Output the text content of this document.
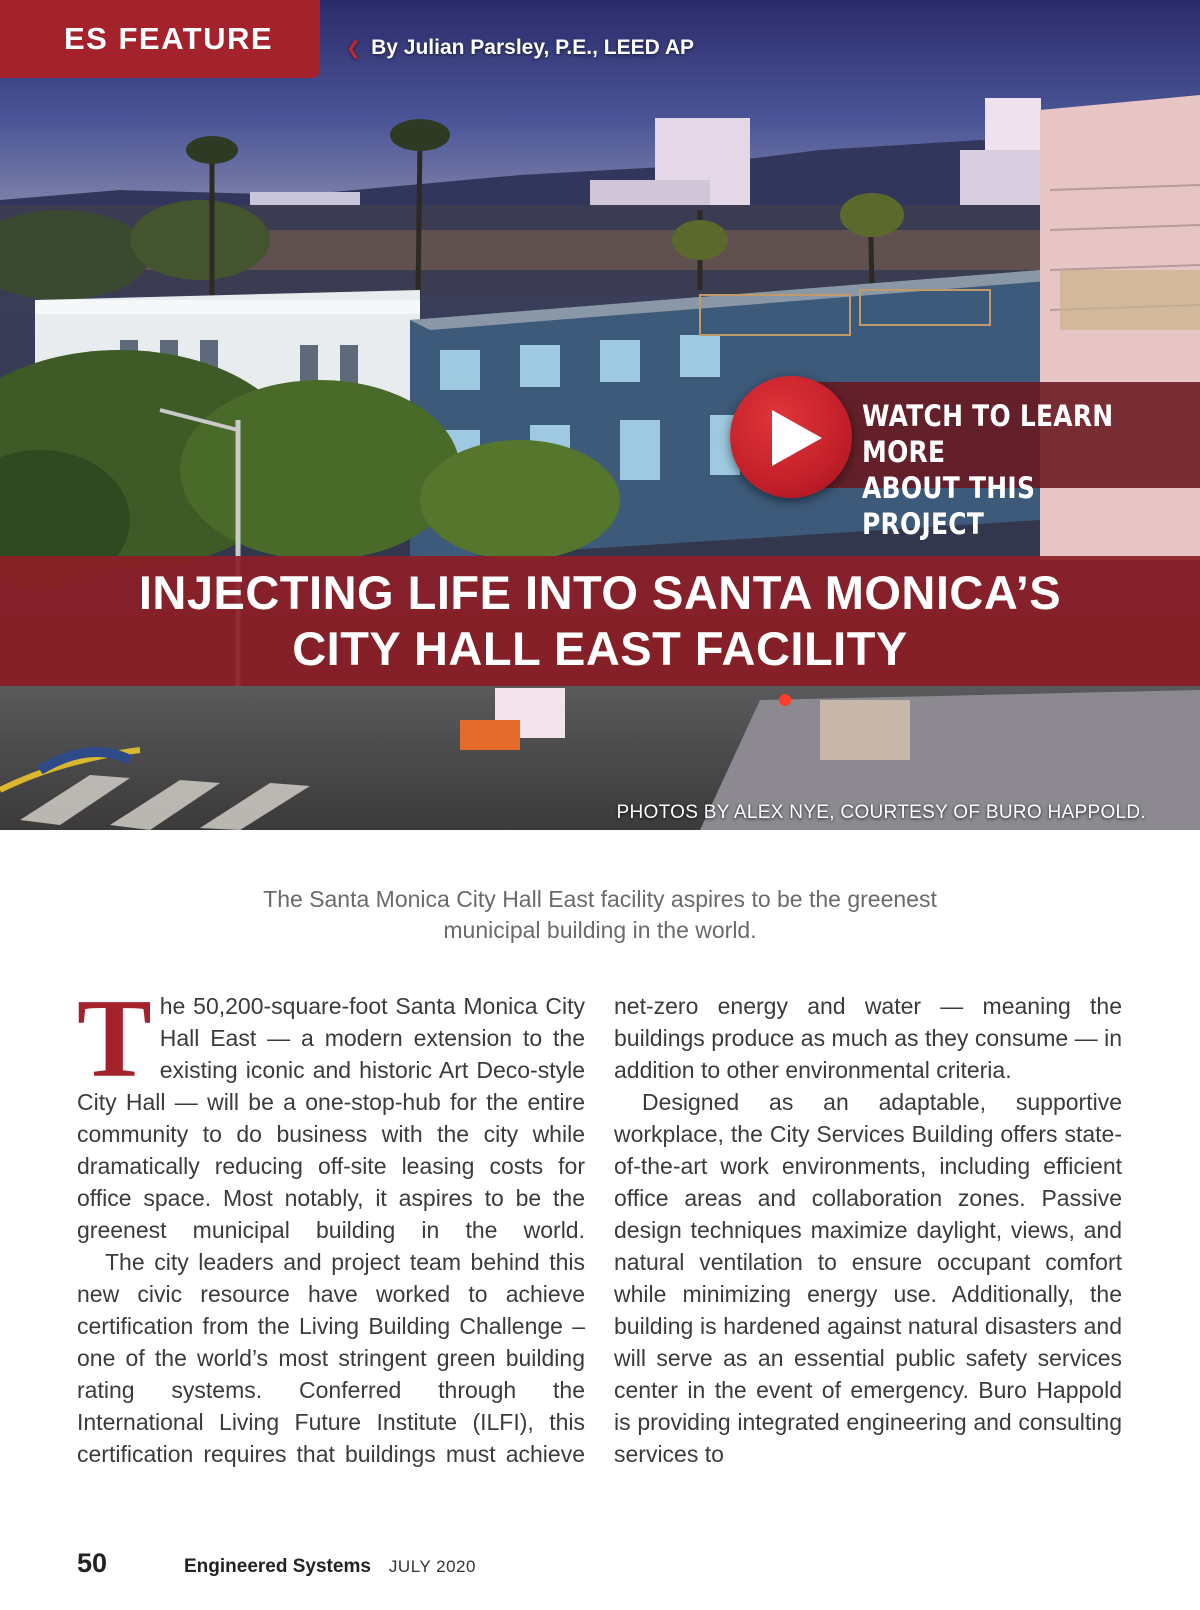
ES FEATURE	❮ By Julian Parsley, P.E., LEED AP
WATCH TO LEARN MORE
ABOUT THIS PROJECT
INJECTING LIFE INTO SANTA MONICA’S
CITY HALL EAST FACILITY
PHOTOS BY ALEX NYE, COURTESY OF BURO HAPPOLD.
The Santa Monica City Hall East facility aspires to be the greenest
municipal building in the world.

The 50,200-square-foot Santa Monica City Hall East — a modern extension to the existing iconic and historic Art Deco-style City Hall — will be a one-stop-hub for the entire community to do business with the city while dramatically reducing off-site leasing costs for office space. Most notably, it aspires to be the greenest municipal building in the world.

The city leaders and project team behind this new civic resource have worked to achieve certification from the Living Building Challenge – one of the world’s most stringent green building rating systems. Conferred through the International Living Future Institute (ILFI), this certification requires that buildings must achieve

net-zero energy and water — meaning the buildings produce as much as they consume — in addition to other environmental criteria.

Designed as an adaptable, supportive workplace, the City Services Building offers state-of-the-art work environments, including efficient office areas and collaboration zones. Passive design techniques maximize daylight, views, and natural ventilation to ensure occupant comfort while minimizing energy use. Additionally, the building is hardened against natural disasters and will serve as an essential public safety services center in the event of emergency. Buro Happold is providing integrated engineering and consulting services to

50	Engineered Systems JULY 2020
